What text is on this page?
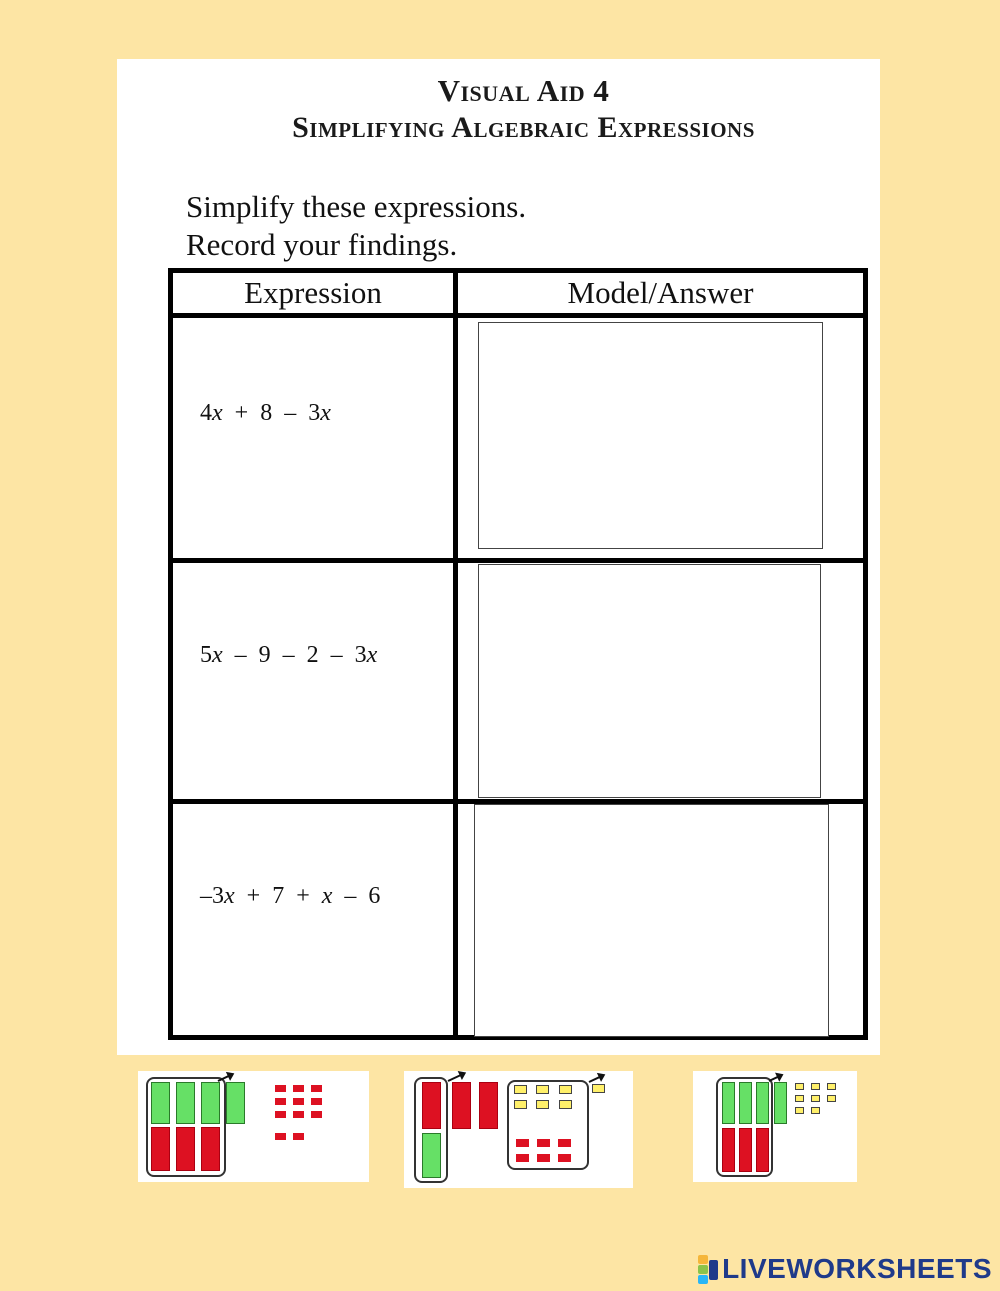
Visual Aid 4
Simplifying Algebraic Expressions
Simplify these expressions.
Record your findings.
Expression	Model/Answer
4x + 8 – 3x
5x – 9 – 2 – 3x
–3x + 7 + x – 6
LIVEWORKSHEETS
